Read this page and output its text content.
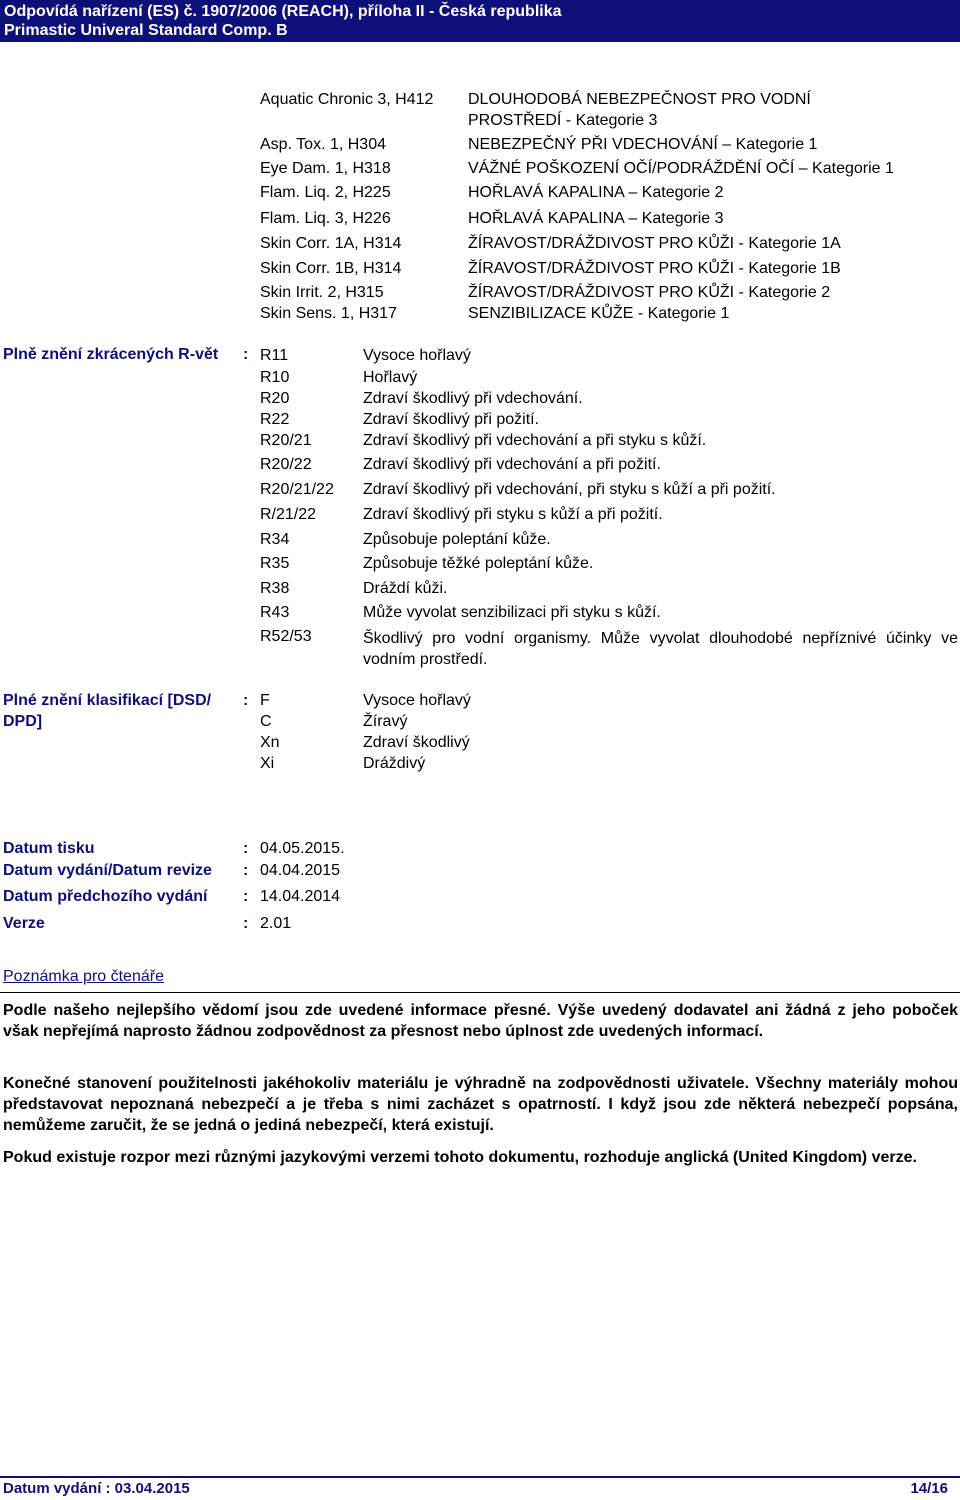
Odpovídá nařízení (ES) č. 1907/2006 (REACH), příloha II - Česká republika
Primastic Univeral Standard Comp. B
Aquatic Chronic 3, H412 DLOUHODOBÁ NEBEZPEČNOST PRO VODNÍ
PROSTŘEDÍ - Kategorie 3
Asp. Tox. 1, H304	NEBEZPEČNÝ PŘI VDECHOVÁNÍ – Kategorie 1
Eye Dam. 1, H318	VÁŽNÉ POŠKOZENÍ OČÍ/PODRÁŽDĚNÍ OČÍ – Kategorie 1
Flam. Liq. 2, H225	HOŘLAVÁ KAPALINA – Kategorie 2
Flam. Liq. 3, H226	HOŘLAVÁ KAPALINA – Kategorie 3
Skin Corr. 1A, H314	ŽÍRAVOST/DRÁŽDIVOST PRO KŮŽI - Kategorie 1A
Skin Corr. 1B, H314	ŽÍRAVOST/DRÁŽDIVOST PRO KŮŽI - Kategorie 1B
Skin Irrit. 2, H315	ŽÍRAVOST/DRÁŽDIVOST PRO KŮŽI - Kategorie 2
Skin Sens. 1, H317	SENZIBILIZACE KŮŽE - Kategorie 1
Plně znění zkrácených R-vět : R11	Vysoce hořlavý
R10	Hořlavý
R20	Zdraví škodlivý při vdechování.
R22	Zdraví škodlivý při požití.
R20/21	Zdraví škodlivý při vdechování a při styku s kůží.
R20/22	Zdraví škodlivý při vdechování a při požití.
R20/21/22 Zdraví škodlivý při vdechování, při styku s kůží a při požití.
R/21/22	Zdraví škodlivý při styku s kůží a při požití.
R34	Způsobuje poleptání kůže.
R35	Způsobuje těžké poleptání kůže.
R38	Dráždí kůži.
R43	Může vyvolat senzibilizaci při styku s kůží.
R52/53	Škodlivý pro vodní organismy. Může vyvolat dlouhodobé nepříznivé účinky ve vodním prostředí.
Plné znění klasifikací [DSD/
DPD]
: F	Vysoce hořlavý
C	Žíravý
Xn	Zdraví škodlivý
Xi	Dráždivý
Datum tisku	: 04.05.2015.
Datum vydání/Datum revize : 04.04.2015
Datum předchozího vydání : 14.04.2014
Verze	: 2.01
Poznámka pro čtenáře
Podle našeho nejlepšího vědomí jsou zde uvedené informace přesné. Výše uvedený dodavatel ani žádná z jeho poboček však nepřejímá naprosto žádnou zodpovědnost za přesnost nebo úplnost zde uvedených informací.
Konečné stanovení použitelnosti jakéhokoliv materiálu je výhradně na zodpovědnosti uživatele. Všechny materiály mohou představovat nepoznaná nebezpečí a je třeba s nimi zacházet s opatrností. I když jsou zde některá nebezpečí popsána, nemůžeme zaručit, že se jedná o jediná nebezpečí, která existují.
Pokud existuje rozpor mezi různými jazykovými verzemi tohoto dokumentu, rozhoduje anglická (United Kingdom) verze.
Datum vydání : 03.04.2015	14/16
